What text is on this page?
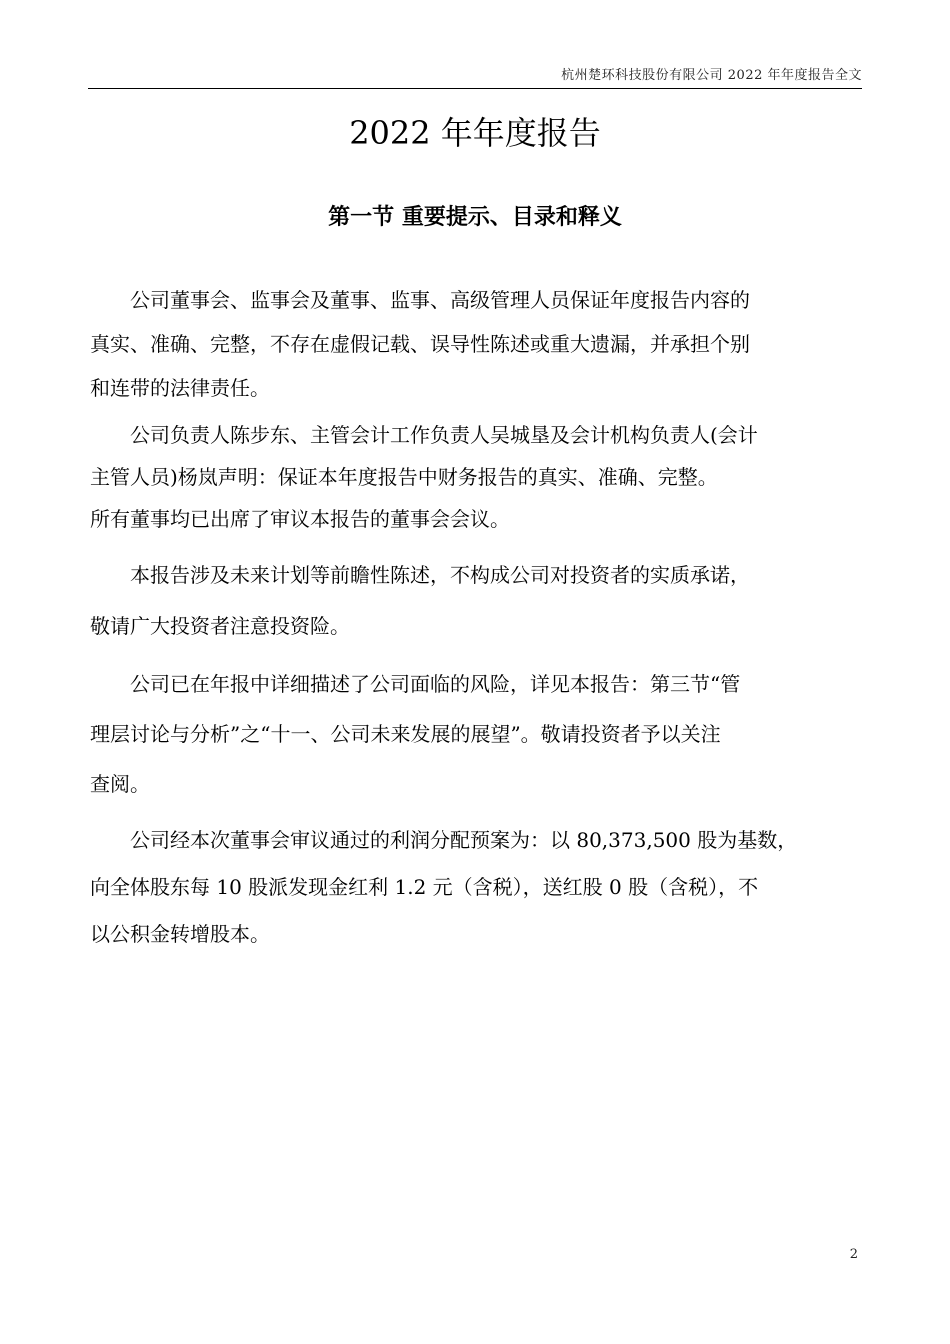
杭州楚环科技股份有限公司 2022 年年度报告全文
2022 年年度报告
第一节 重要提示、目录和释义

　　公司董事会、监事会及董事、监事、高级管理人员保证年度报告内容的
真实、准确、完整，不存在虚假记载、误导性陈述或重大遗漏，并承担个别
和连带的法律责任。

　　公司负责人陈步东、主管会计工作负责人吴城垦及会计机构负责人(会计
主管人员)杨岚声明：保证本年度报告中财务报告的真实、准确、完整。
所有董事均已出席了审议本报告的董事会会议。

　　本报告涉及未来计划等前瞻性陈述，不构成公司对投资者的实质承诺，
敬请广大投资者注意投资险。

　　公司已在年报中详细描述了公司面临的风险，详见本报告：第三节“管
理层讨论与分析”之“十一、公司未来发展的展望”。敬请投资者予以关注
查阅。

　　公司经本次董事会审议通过的利润分配预案为：以 80,373,500 股为基数，
向全体股东每 10 股派发现金红利 1.2 元（含税），送红股 0 股（含税），不
以公积金转增股本。

2
